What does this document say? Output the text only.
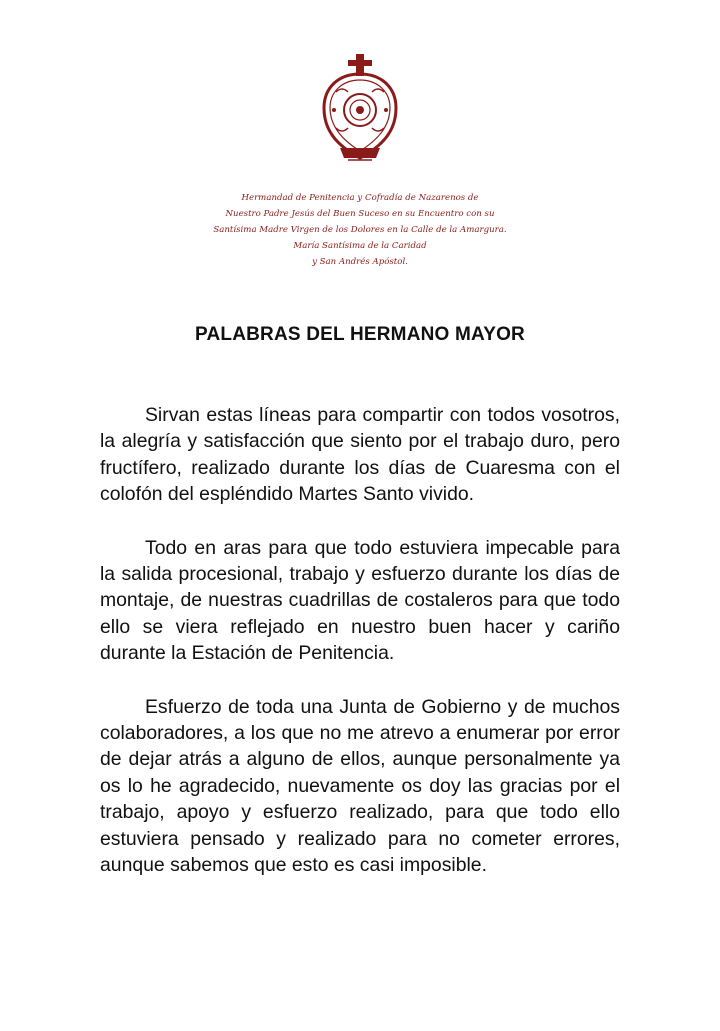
Hermandad de Penitencia y Cofradía de Nazarenos de
Nuestro Padre Jesús del Buen Suceso en su Encuentro con su
Santísima Madre Virgen de los Dolores en la Calle de la Amargura.
María Santísima de la Caridad
y San Andrés Apóstol.
PALABRAS DEL HERMANO MAYOR

Sirvan estas líneas para compartir con todos vosotros, la alegría y satisfacción que siento por el trabajo duro, pero fructífero, realizado durante los días de Cuaresma con el colofón del espléndido Martes Santo vivido.

Todo en aras para que todo estuviera impecable para la salida procesional, trabajo y esfuerzo durante los días de montaje, de nuestras cuadrillas de costaleros para que todo ello se viera reflejado en nuestro buen hacer y cariño durante la Estación de Penitencia.

Esfuerzo de toda una Junta de Gobierno y de muchos colaboradores, a los que no me atrevo a enumerar por error de dejar atrás a alguno de ellos, aunque personalmente ya os lo he agradecido, nuevamente os doy las gracias por el trabajo, apoyo y esfuerzo realizado, para que todo ello estuviera pensado y realizado para no cometer errores, aunque sabemos que esto es casi imposible.
